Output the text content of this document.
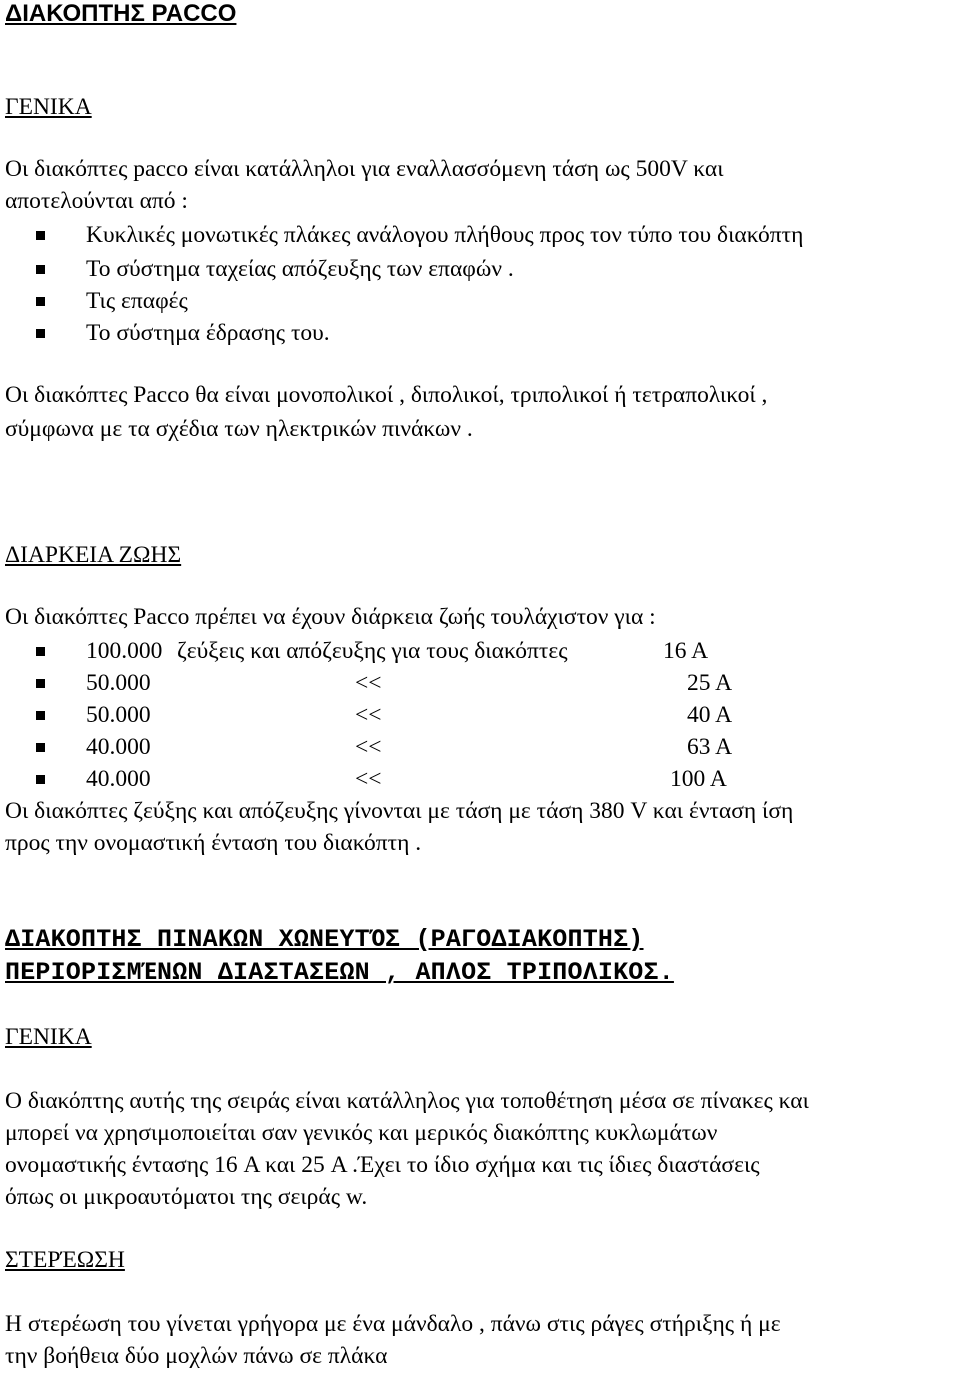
ΔΙΑΚΟΠΤΗΣ PACCO
ΓΕΝΙΚΑ
Οι διακόπτες pacco είναι κατάλληλοι για εναλλασσόμενη τάση ως 500V και
αποτελούνται από :
Κυκλικές μονωτικές πλάκες ανάλογου πλήθους προς τον τύπο του διακόπτη
Το σύστημα ταχείας απόζευξης των επαφών .
Τις επαφές
Το σύστημα έδρασης του.
Οι διακόπτες Pacco θα είναι μονοπολικοί , διπολικοί, τριπολικοί ή τετραπολικοί ,
σύμφωνα με τα σχέδια των ηλεκτρικών πινάκων .
ΔΙΑΡΚΕΙΑ ΖΩΗΣ
Οι διακόπτες Pacco πρέπει να έχουν διάρκεια ζωής τουλάχιστον για :
100.000 ζεύξεις και απόζευξης για τους διακόπτες	16 A
50.000	<<	25 A
50.000	<<	40 A
40.000	<<	63 A
40.000	<<	100 A
Οι διακόπτες ζεύξης και απόζευξης γίνονται με τάση με τάση 380 V και ένταση ίση
προς την ονομαστική ένταση του διακόπτη .
ΔΙΑΚΟΠΤΗΣ ΠΙΝΑΚΩΝ ΧΩΝΕΥΤΌΣ (ΡΑΓΟΔΙΑΚΟΠΤΗΣ)
ΠΕΡΙΟΡΙΣΜΈΝΩΝ ΔΙΑΣΤΑΣΕΩΝ , ΑΠΛΟΣ ΤΡΙΠΟΛΙΚΟΣ.
ΓΕΝΙΚΑ
Ο διακόπτης αυτής της σειράς είναι κατάλληλος για τοποθέτηση μέσα σε πίνακες και
μπορεί να χρησιμοποιείται σαν γενικός και μερικός διακόπτης κυκλωμάτων
ονομαστικής έντασης 16 A και 25 A .Έχει το ίδιο σχήμα και τις ίδιες διαστάσεις
όπως οι μικροαυτόματοι της σειράς w.
ΣΤΕΡΈΩΣΗ
Η στερέωση του γίνεται γρήγορα με ένα μάνδαλο , πάνω στις ράγες στήριξης ή με
την βοήθεια δύο μοχλών πάνω σε πλάκα
